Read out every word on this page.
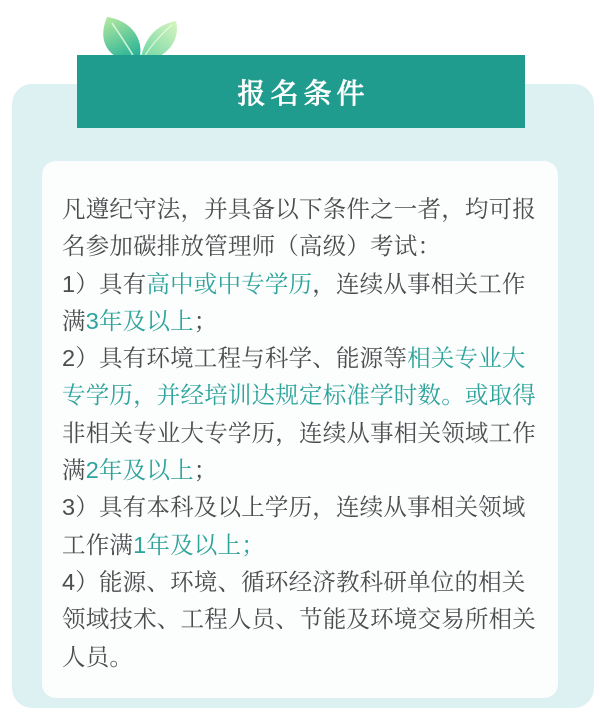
报名条件
凡遵纪守法，并具备以下条件之一者，均可报
名参加碳排放管理师（高级）考试：
1）具有高中或中专学历，连续从事相关工作
满3年及以上；
2）具有环境工程与科学、能源等相关专业大
专学历，并经培训达规定标准学时数。或取得
非相关专业大专学历，连续从事相关领域工作
满2年及以上；
3）具有本科及以上学历，连续从事相关领域
工作满1年及以上；
4）能源、环境、循环经济教科研单位的相关
领域技术、工程人员、节能及环境交易所相关
人员。
